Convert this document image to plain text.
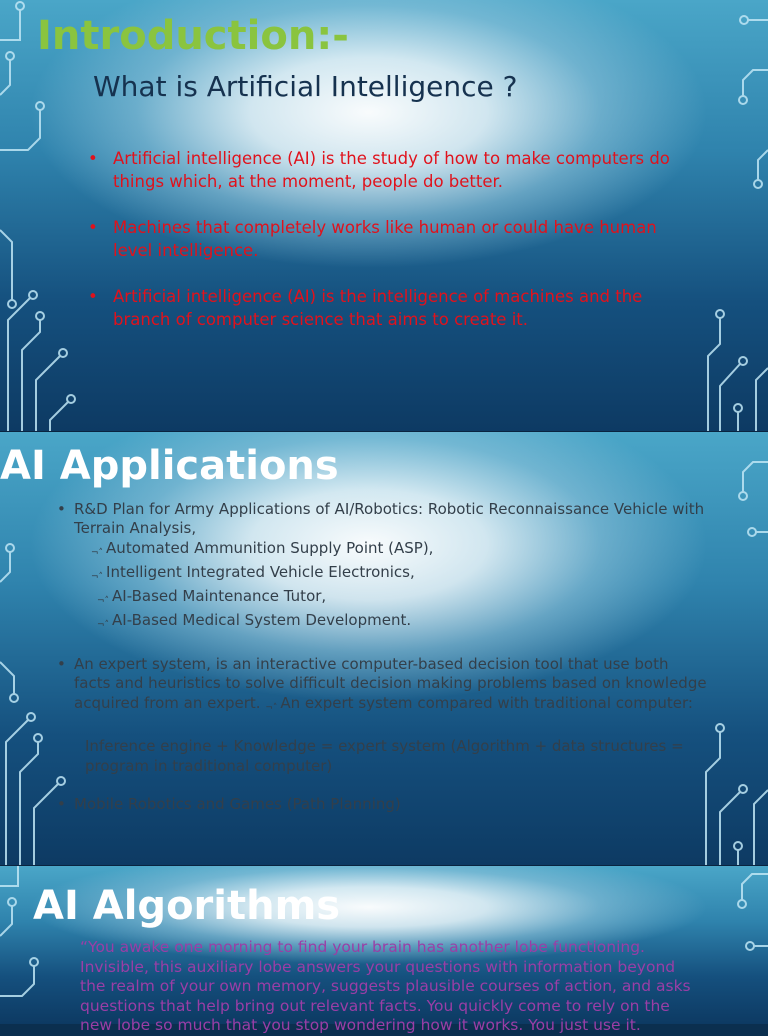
Introduction:-
What is Artificial Intelligence ?
• Artificial intelligence (AI) is the study of how to make computers do things which, at the moment, people do better.
• Machines that completely works like human or could have human level intelligence.
• Artificial intelligence (AI) is the intelligence of machines and the branch of computer science that aims to create it.
AI Applications
• R&D Plan for Army Applications of AI/Robotics: Robotic Reconnaissance Vehicle with Terrain Analysis,
¬˄ Automated Ammunition Supply Point (ASP),
¬˄ Intelligent Integrated Vehicle Electronics,
¬˄ AI-Based Maintenance Tutor,
¬˄ AI-Based Medical System Development.
• An expert system, is an interactive computer-based decision tool that use both facts and heuristics to solve difficult decision making problems based on knowledge acquired from an expert. ¬˄ An expert system compared with traditional computer:
Inference engine + Knowledge = expert system (Algorithm + data structures = program in traditional computer)
• Mobile Robotics and Games (Path Planning)
AI Algorithms

“You awake one morning to find your brain has another lobe functioning. Invisible, this auxiliary lobe answers your questions with information beyond the realm of your own memory, suggests plausible courses of action, and asks questions that help bring out relevant facts. You quickly come to rely on the new lobe so much that you stop wondering how it works. You just use it.
